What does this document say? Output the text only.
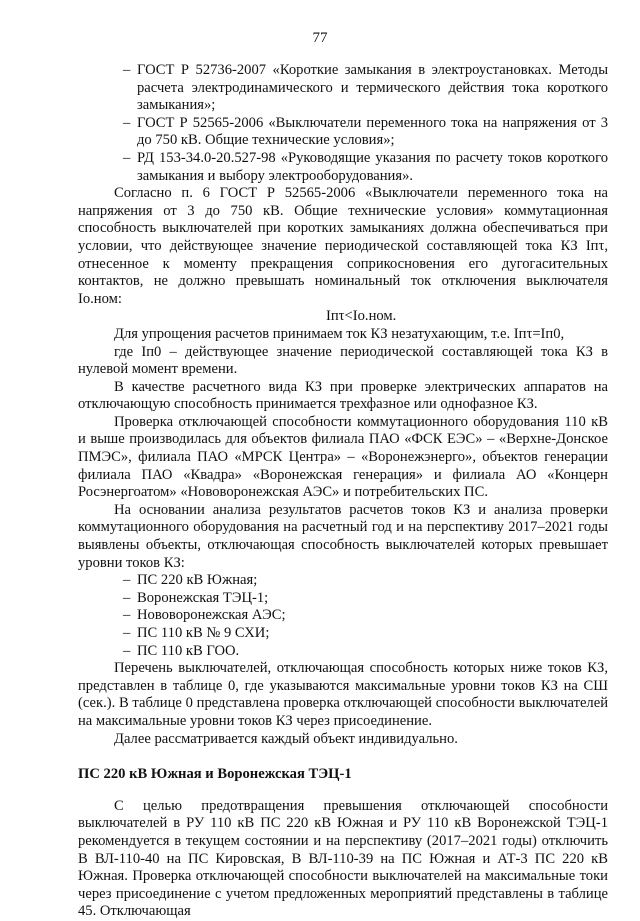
77
– ГОСТ Р 52736-2007 «Короткие замыкания в электроустановках. Методы расчета электродинамического и термического действия тока короткого замыкания»;
– ГОСТ Р 52565-2006 «Выключатели переменного тока на напряжения от 3 до 750 кВ. Общие технические условия»;
– РД 153-34.0-20.527-98 «Руководящие указания по расчету токов короткого замыкания и выбору электрооборудования».

Согласно п. 6 ГОСТ Р 52565-2006 «Выключатели переменного тока на напряжения от 3 до 750 кВ. Общие технические условия» коммутационная способность выключателей при коротких замыканиях должна обеспечиваться при условии, что действующее значение периодической составляющей тока КЗ Iпτ, отнесенное к моменту прекращения соприкосновения его дугогасительных контактов, не должно превышать номинальный ток отключения выключателя Iо.ном:

Iпτ<Iо.ном.

Для упрощения расчетов принимаем ток КЗ незатухающим, т.е. Iпτ=Iп0,

где Iп0 – действующее значение периодической составляющей тока КЗ в нулевой момент времени.

В качестве расчетного вида КЗ при проверке электрических аппаратов на отключающую способность принимается трехфазное или однофазное КЗ.

Проверка отключающей способности коммутационного оборудования 110 кВ и выше производилась для объектов филиала ПАО «ФСК ЕЭС» – «Верхне-Донское ПМЭС», филиала ПАО «МРСК Центра» – «Воронежэнерго», объектов генерации филиала ПАО «Квадра» «Воронежская генерация» и филиала АО «Концерн Росэнергоатом» «Нововоронежская АЭС» и потребительских ПС.

На основании анализа результатов расчетов токов КЗ и анализа проверки коммутационного оборудования на расчетный год и на перспективу 2017–2021 годы выявлены объекты, отключающая способность выключателей которых превышает уровни токов КЗ:

– ПС 220 кВ Южная;
– Воронежская ТЭЦ-1;
– Нововоронежская АЭС;
– ПС 110 кВ № 9 СХИ;
– ПС 110 кВ ГОО.

Перечень выключателей, отключающая способность которых ниже токов КЗ, представлен в таблице 0, где указываются максимальные уровни токов КЗ на СШ (сек.). В таблице 0 представлена проверка отключающей способности выключателей на максимальные уровни токов КЗ через присоединение.

Далее рассматривается каждый объект индивидуально.

ПС 220 кВ Южная и Воронежская ТЭЦ-1

С целью предотвращения превышения отключающей способности выключателей в РУ 110 кВ ПС 220 кВ Южная и РУ 110 кВ Воронежской ТЭЦ-1 рекомендуется в текущем состоянии и на перспективу (2017–2021 годы) отключить В ВЛ-110-40 на ПС Кировская, В ВЛ-110-39 на ПС Южная и АТ-3 ПС 220 кВ Южная. Проверка отключающей способности выключателей на максимальные токи через присоединение с учетом предложенных мероприятий представлены в таблице 45. Отключающая
